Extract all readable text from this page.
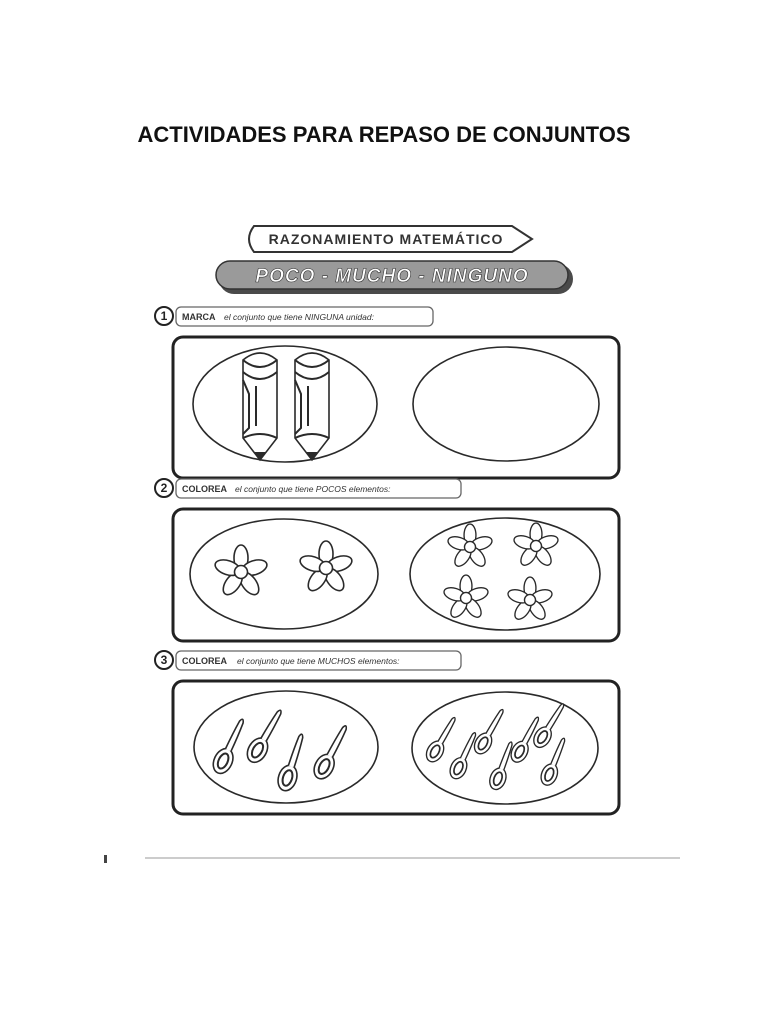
ACTIVIDADES PARA REPASO DE CONJUNTOS
RAZONAMIENTO MATEMÁTICO
POCO - MUCHO - NINGUNO
1 MARCA el conjunto que tiene NINGUNA unidad:
2 COLOREA el conjunto que tiene POCOS elementos:
3 COLOREA el conjunto que tiene MUCHOS elementos:
